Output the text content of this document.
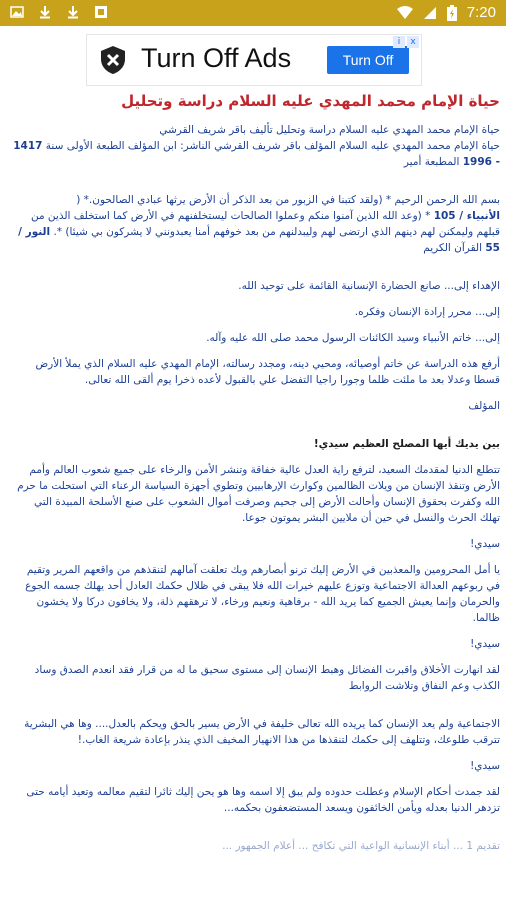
7:20
Turn Off Ads	Turn Off
i	x
حياة الإمام محمد المهدي عليه السلام دراسة وتحليل

حياة الإمام محمد المهدي عليه السلام دراسة وتحليل تأليف باقر شريف القرشي

حياة الإمام محمد المهدي عليه السلام المؤلف باقر شريف القرشي الناشر: ابن المؤلف الطبعة الأولى سنة 1417 - 1996 المطبعة أمير

بسم الله الرحمن الرحيم * (ولقد كتبنا في الزبور من بعد الذكر أن الأرض يرثها عبادي الصالحون.* (

الأنبياء / 105 * (وعد الله الذين آمنوا منكم وعملوا الصالحات ليستخلفنهم في الأرض كما استخلف الذين من قبلهم وليمكنن لهم دينهم الذي ارتضى لهم وليبدلنهم من بعد خوفهم أمنا يعبدونني لا يشركون بي شيئا) *. النور / 55 القرآن الكريم

الإهداء إلى... صانع الحضارة الإنسانية القائمة على توحيد الله.

إلى... محرر إرادة الإنسان وفكره.

إلى... خاتم الأنبياء وسيد الكائنات الرسول محمد صلى الله عليه وآله.

أرفع هذه الدراسة عن خاتم أوصيائه، ومحيي دينه، ومجدد رسالته، الإمام المهدي عليه السلام الذي يملأ الأرض قسطا وعدلا بعد ما ملئت ظلما وجورا راجيا التفضل علي بالقبول لأعده ذخرا يوم ألقى الله تعالى.

المؤلف

بين يديك أيها المصلح العظيم سيدي!

تتطلع الدنيا لمقدمك السعيد، لترفع راية العدل عالية خفاقة وتنشر الأمن والرخاء على جميع شعوب العالم وأمم الأرض وتنقذ الإنسان من ويلات الظالمين وكوارث الإرهابيين وتطوي أجهزة السياسة الرعناء التي استحلت ما حرم الله وكفرت بحقوق الإنسان وأحالت الأرض إلى جحيم وصرفت أموال الشعوب على صنع الأسلحة المبيدة التي تهلك الحرث والنسل في حين أن ملايين البشر يموتون جوعا.

سيدي!

يا أمل المحرومين والمعذبين في الأرض إليك ترنو أبصارهم وبك تعلقت آمالهم لتنقذهم من واقعهم المرير وتقيم في ربوعهم العدالة الاجتماعية وتوزع عليهم خيرات الله فلا يبقى في ظلال حكمك العادل أحد يهلك جسمه الجوع والحرمان وإنما يعيش الجميع كما يريد الله - برفاهية ونعيم ورخاء، لا ترهقهم ذلة، ولا يخافون دركا ولا يخشون ظالما.

سيدي!

لقد انهارت الأخلاق واقبرت الفضائل وهبط الإنسان إلى مستوى سحيق ما له من قرار فقد انعدم الصدق وساد الكذب وعم النفاق وتلاشت الروابط

الاجتماعية ولم يعد الإنسان كما يريده الله تعالى خليفة في الأرض يسير بالحق ويحكم بالعدل.... وها هي البشرية تترقب طلوعك، وتتلهف إلى حكمك لتنقذها من هذا الانهيار المخيف الذي ينذر بإعادة شريعة الغاب.!

سيدي!

لقد جمدت أحكام الإسلام وعطلت حدوده ولم يبق إلا اسمه وها هو يحن إليك ثائرا لتقيم معالمه وتعيد أيامه حتى تزدهر الدنيا بعدله ويأمن الخائفون ويسعد المستضعفون بحكمه...

تقديم 1 ... أبناء الإنسانية الواعية التي تكافح ... أعلام الجمهور ...
